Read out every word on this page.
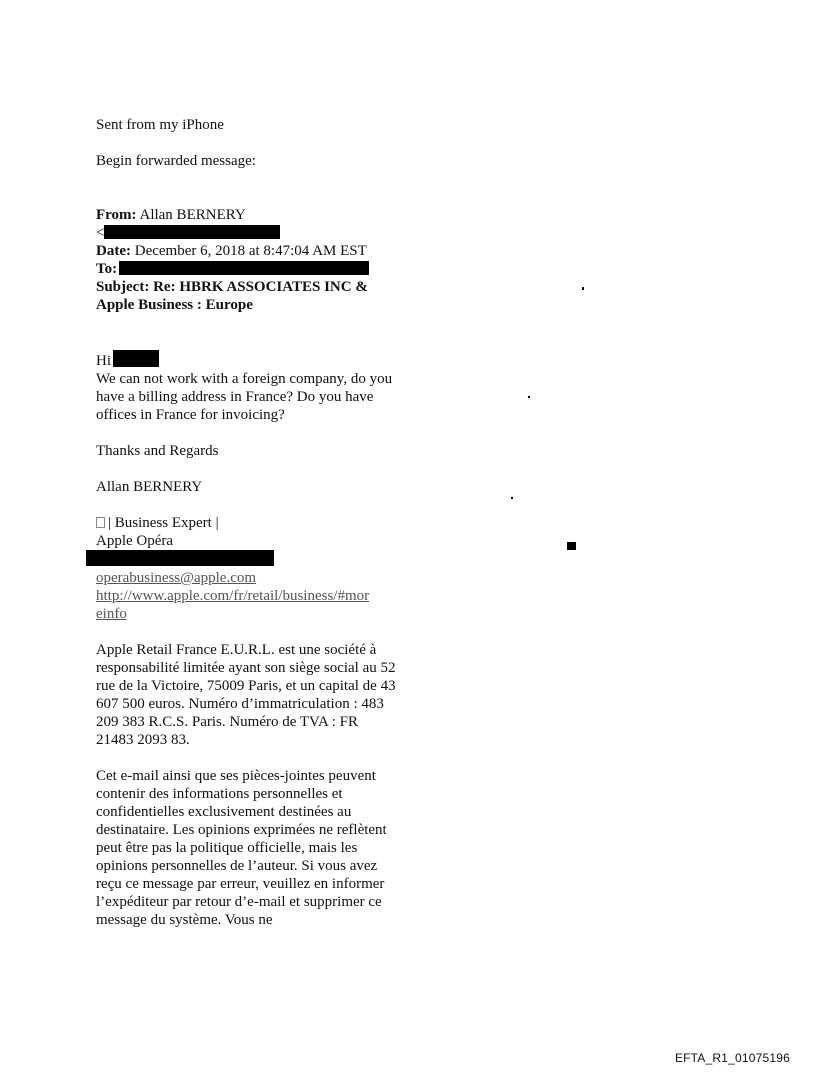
Sent from my iPhone
Begin forwarded message:
From: Allan BERNERY
<
Date: December 6, 2018 at 8:47:04 AM EST
To:
Subject: Re: HBRK ASSOCIATES INC &
Apple Business : Europe
Hi
We can not work with a foreign company, do you have a billing address in France? Do you have offices in France for invoicing?
Thanks and Regards
Allan BERNERY
| Business Expert |
Apple Opéra
operabusiness@apple.com
http://www.apple.com/fr/retail/business/#mor
einfo
Apple Retail France E.U.R.L. est une société à responsabilité limitée ayant son siège social au 52 rue de la Victoire, 75009 Paris, et un capital de 43 607 500 euros. Numéro d’immatriculation : 483 209 383 R.C.S. Paris. Numéro de TVA : FR 21483 2093 83.
Cet e-mail ainsi que ses pièces-jointes peuvent contenir des informations personnelles et confidentielles exclusivement destinées au destinataire. Les opinions exprimées ne reflètent peut être pas la politique officielle, mais les opinions personnelles de l’auteur. Si vous avez reçu ce message par erreur, veuillez en informer l’expéditeur par retour d’e-mail et supprimer ce message du système. Vous ne
EFTA_R1_01075196
